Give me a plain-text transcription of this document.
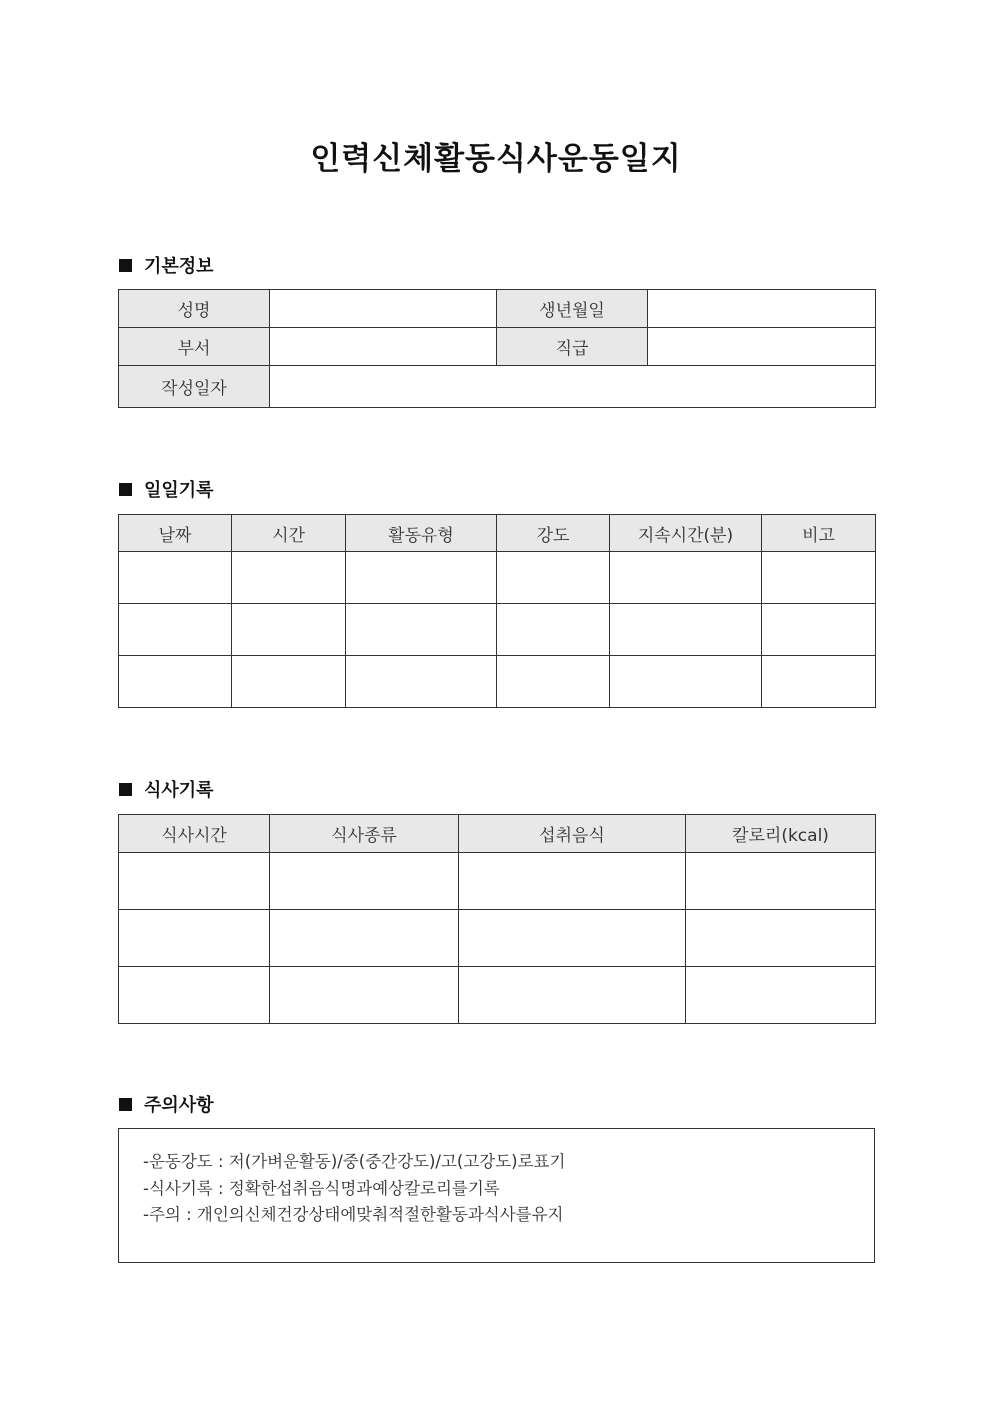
인력신체활동식사운동일지
기본정보
성명		생년월일	
부서		직급	
작성일자			
일일기록
날짜	시간	활동유형	강도	지속시간(분)	비고

식사기록
식사시간	식사종류	섭취음식	칼로리(kcal)

주의사항
-운동강도 : 저(가벼운활동)/중(중간강도)/고(고강도)로표기
-식사기록 : 정확한섭취음식명과예상칼로리를기록
-주의 : 개인의신체건강상태에맞춰적절한활동과식사를유지
